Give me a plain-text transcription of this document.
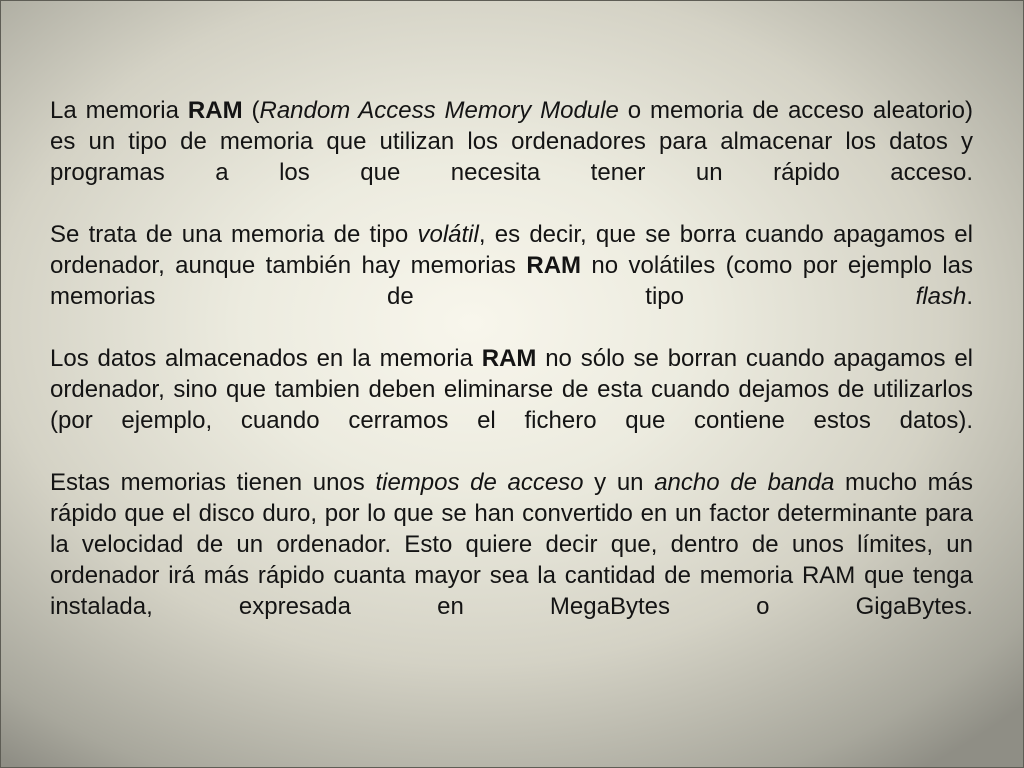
La memoria RAM (Random Access Memory Module o memoria de acceso aleatorio) es un tipo de memoria que utilizan los ordenadores para almacenar los datos y programas a los que necesita tener un rápido acceso.

Se trata de una memoria de tipo volátil, es decir, que se borra cuando apagamos el ordenador, aunque también hay memorias RAM no volátiles (como por ejemplo las memorias de tipo flash.

Los datos almacenados en la memoria RAM no sólo se borran cuando apagamos el ordenador, sino que tambien deben eliminarse de esta cuando dejamos de utilizarlos (por ejemplo, cuando cerramos el fichero que contiene estos datos).

Estas memorias tienen unos tiempos de acceso y un ancho de banda mucho más rápido que el disco duro, por lo que se han convertido en un factor determinante para la velocidad de un ordenador. Esto quiere decir que, dentro de unos límites, un ordenador irá más rápido cuanta mayor sea la cantidad de memoria RAM que tenga instalada, expresada en MegaBytes o GigaBytes.
